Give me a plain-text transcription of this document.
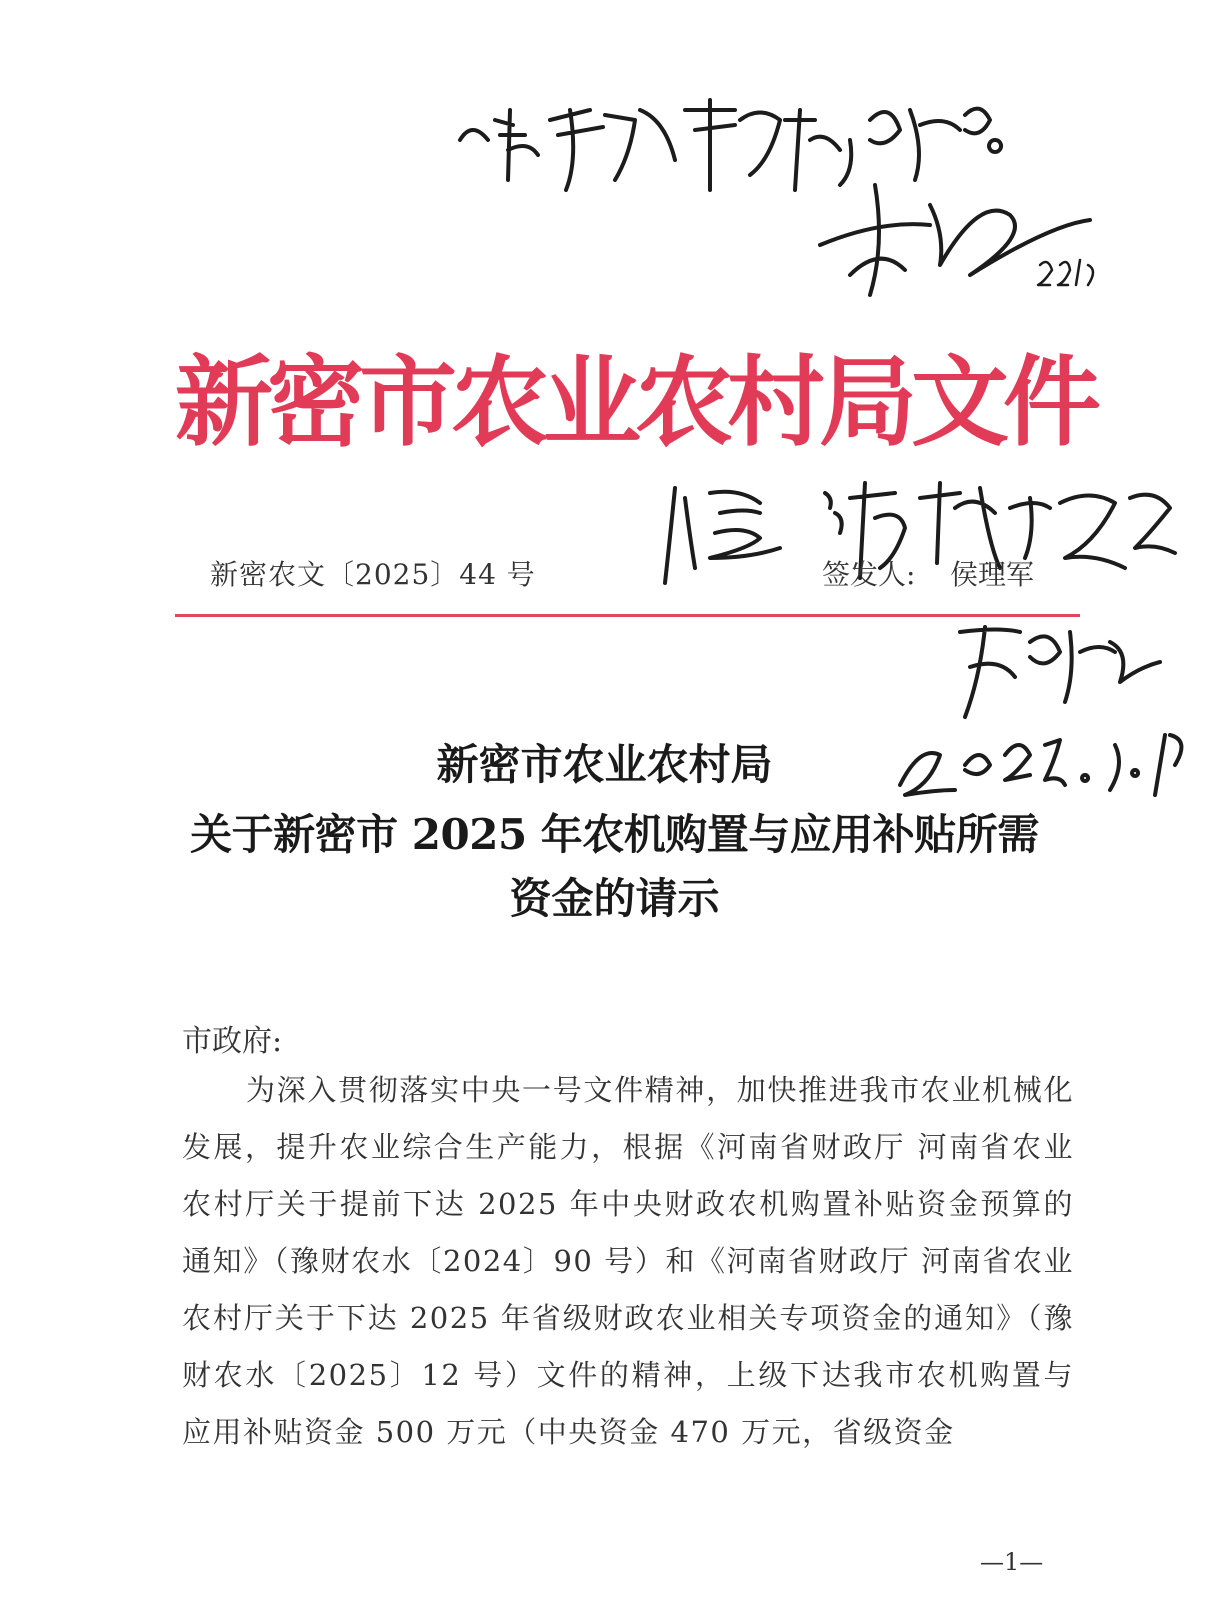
新密市农业农村局文件
新密农文〔2025〕44 号	签发人: 侯理军
新密市农业农村局
关于新密市 2025 年农机购置与应用补贴所需
资金的请示
市政府:
为深入贯彻落实中央一号文件精神，加快推进我市农业机械化发展，提升农业综合生产能力，根据《河南省财政厅 河南省农业农村厅关于提前下达 2025 年中央财政农机购置补贴资金预算的通知》（豫财农水〔2024〕90 号）和《河南省财政厅 河南省农业农村厅关于下达 2025 年省级财政农业相关专项资金的通知》（豫财农水〔2025〕12 号）文件的精神，上级下达我市农机购置与应用补贴资金 500 万元（中央资金 470 万元，省级资金
—1—
